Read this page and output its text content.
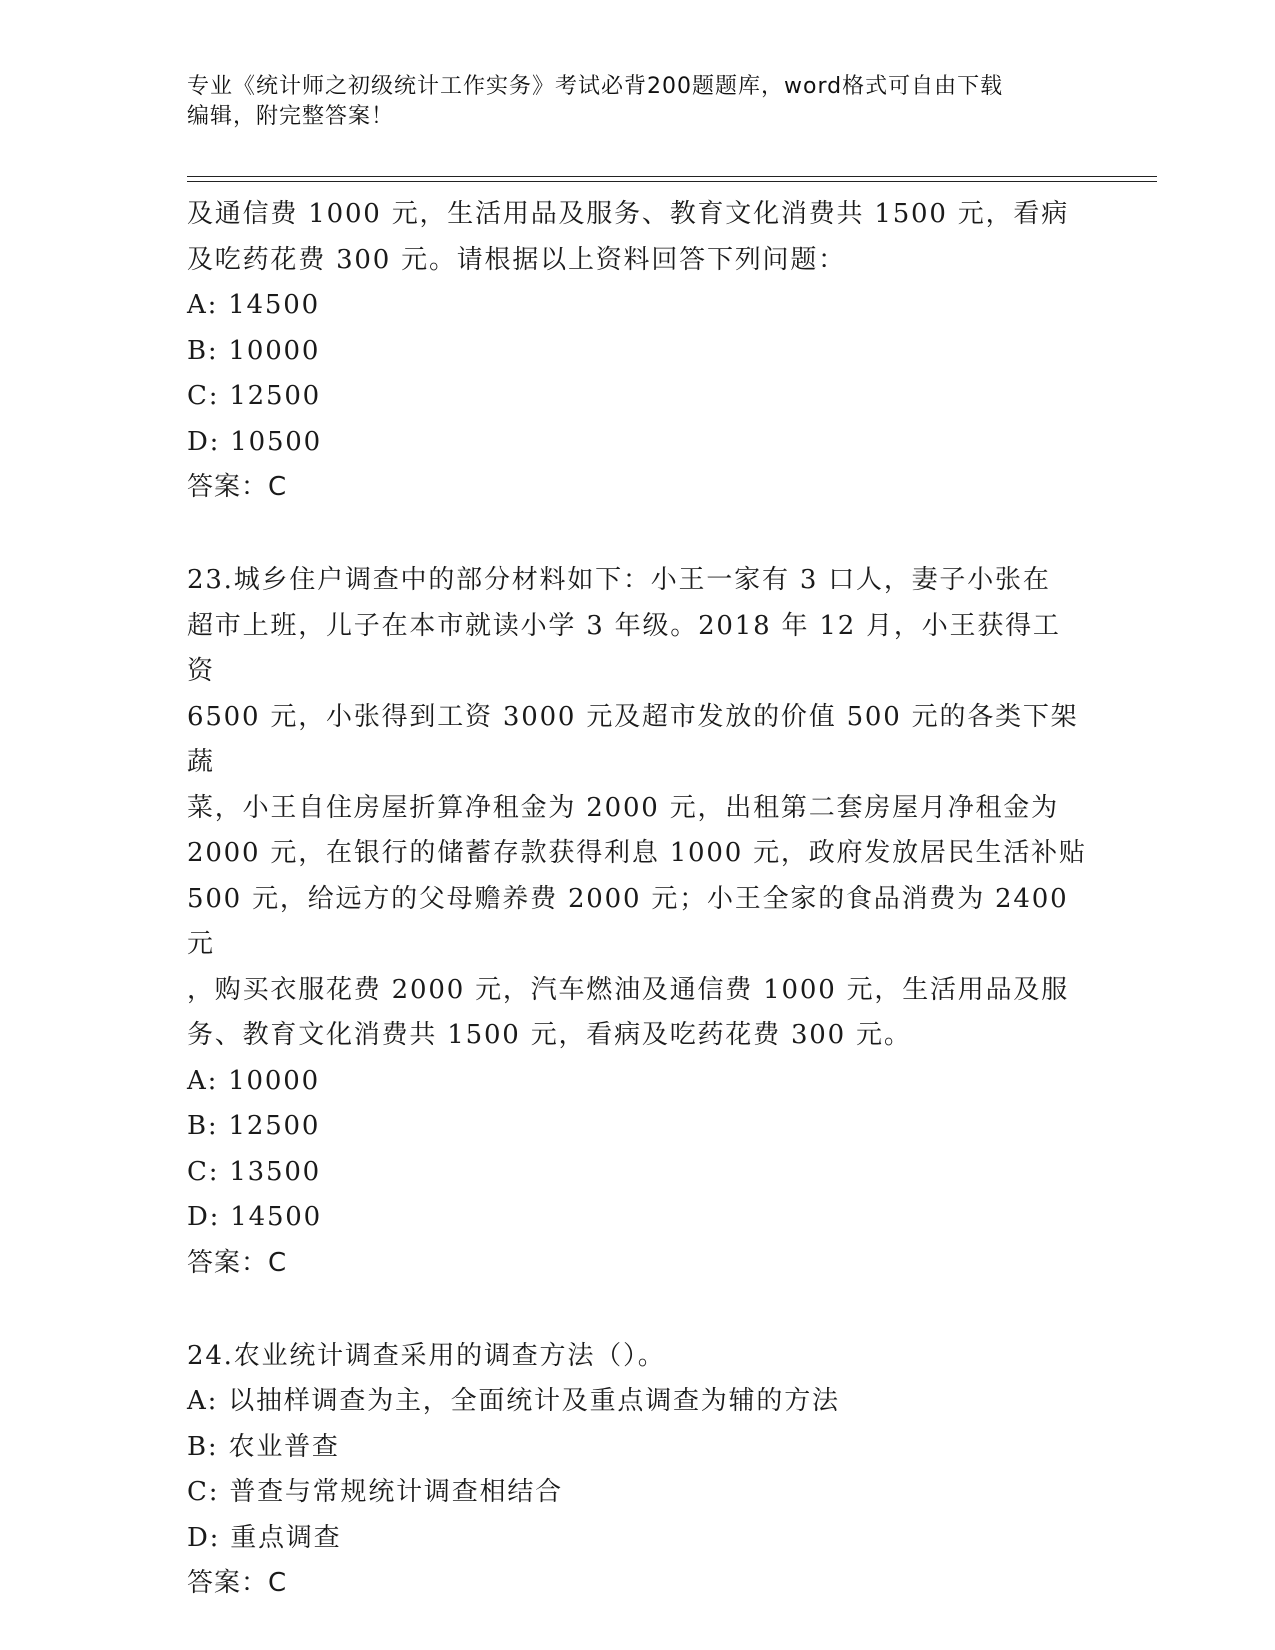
专业《统计师之初级统计工作实务》考试必背200题题库，word格式可自由下载
编辑，附完整答案！
及通信费 1000 元，生活用品及服务、教育文化消费共 1500 元，看病
及吃药花费 300 元。请根据以上资料回答下列问题：
A: 14500
B: 10000
C: 12500
D: 10500
答案：C
23.城乡住户调查中的部分材料如下：小王一家有 3 口人，妻子小张在
超市上班，儿子在本市就读小学 3 年级。2018 年 12 月，小王获得工资
6500 元，小张得到工资 3000 元及超市发放的价值 500 元的各类下架蔬
菜，小王自住房屋折算净租金为 2000 元，出租第二套房屋月净租金为
2000 元，在银行的储蓄存款获得利息 1000 元，政府发放居民生活补贴
500 元，给远方的父母赡养费 2000 元；小王全家的食品消费为 2400 元
，购买衣服花费 2000 元，汽车燃油及通信费 1000 元，生活用品及服
务、教育文化消费共 1500 元，看病及吃药花费 300 元。
A: 10000
B: 12500
C: 13500
D: 14500
答案：C
24.农业统计调查采用的调查方法（）。
A: 以抽样调查为主，全面统计及重点调查为辅的方法
B: 农业普查
C: 普查与常规统计调查相结合
D: 重点调查
答案：C
